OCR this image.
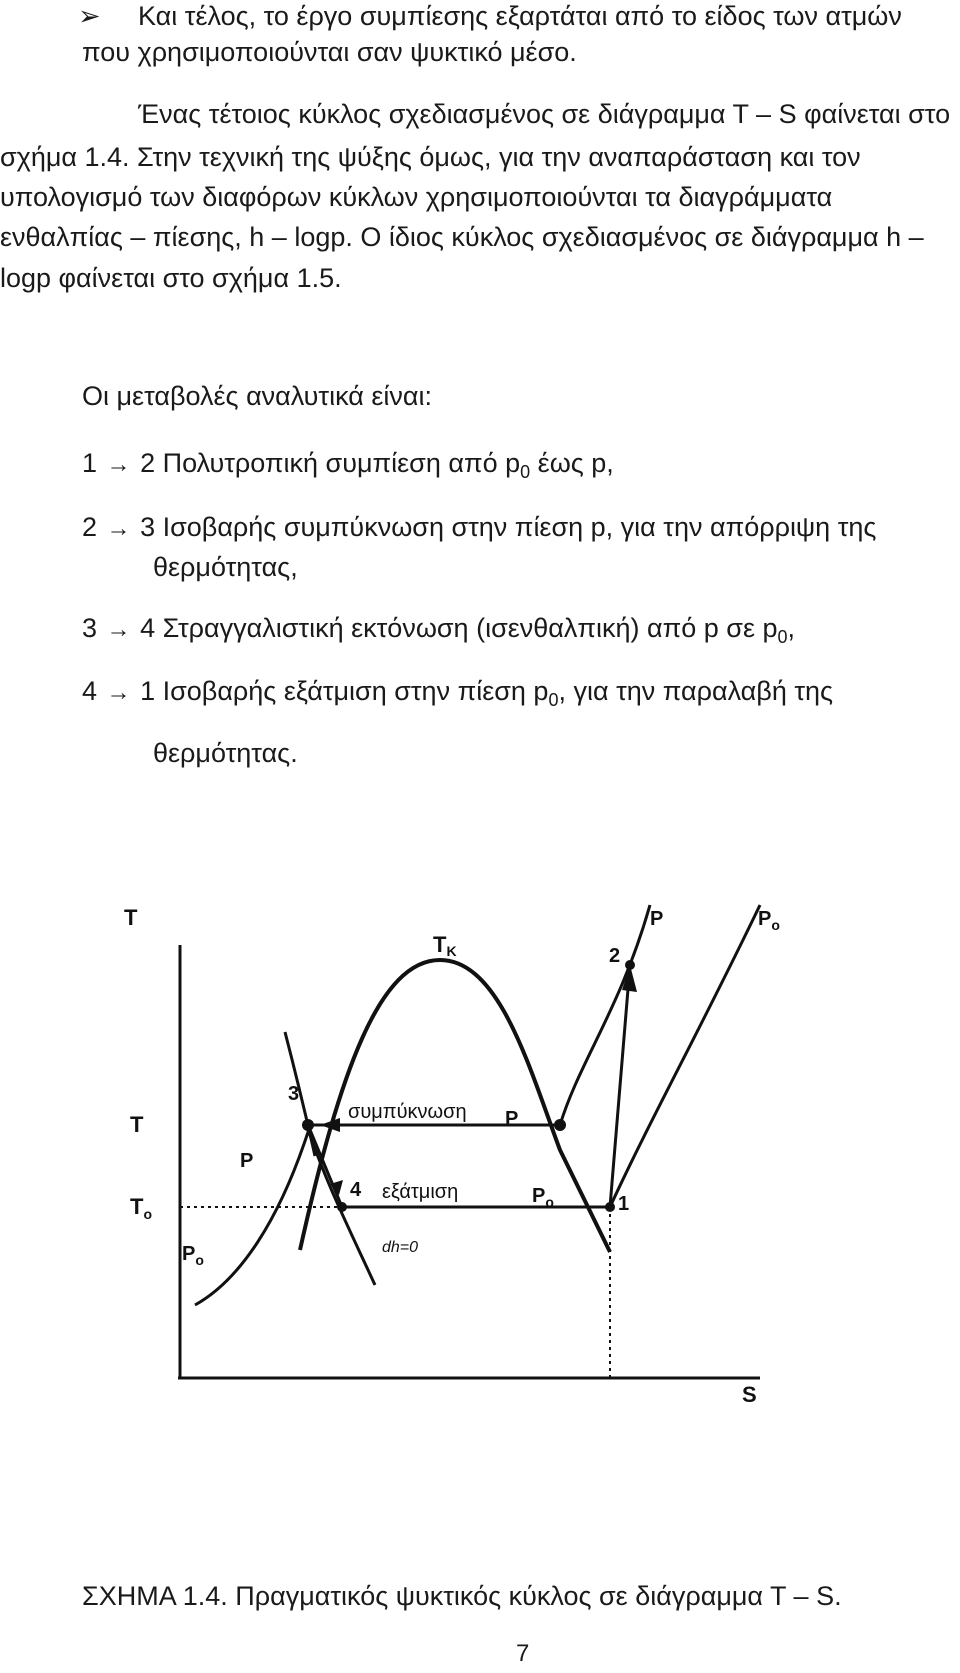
➢ Και τέλος, το έργο συμπίεσης εξαρτάται από το είδος των ατμών
που χρησιμοποιούνται σαν ψυκτικό μέσο.
Ένας τέτοιος κύκλος σχεδιασμένος σε διάγραμμα Τ – S φαίνεται στο
σχήμα 1.4. Στην τεχνική της ψύξης όμως, για την αναπαράσταση και τον
υπολογισμό των διαφόρων κύκλων χρησιμοποιούνται τα διαγράμματα
ενθαλπίας – πίεσης, h – logp. Ο ίδιος κύκλος σχεδιασμένος σε διάγραμμα h –
logp φαίνεται στο σχήμα 1.5.
Οι μεταβολές αναλυτικά είναι:
1 → 2 Πολυτροπική συμπίεση από $p_0$ έως p,
2 → 3 Ισοβαρής συμπύκνωση στην πίεση p, για την απόρριψη της
θερμότητας,
3 → 4 Στραγγαλιστική εκτόνωση (ισενθαλπική) από p σε $p_0$,
4 → 1 Ισοβαρής εξάτμιση στην πίεση $p_0$, για την παραλαβή της
θερμότητας.
T
T
$T_o$
S
TK
συμπύκνωση
εξάτμιση
dh=0
P
P
P
$P_o$
$P_o$
$P_o$
1
2
3
4
ΣΧΗΜΑ 1.4. Πραγματικός ψυκτικός κύκλος σε διάγραμμα Τ – S.
7
